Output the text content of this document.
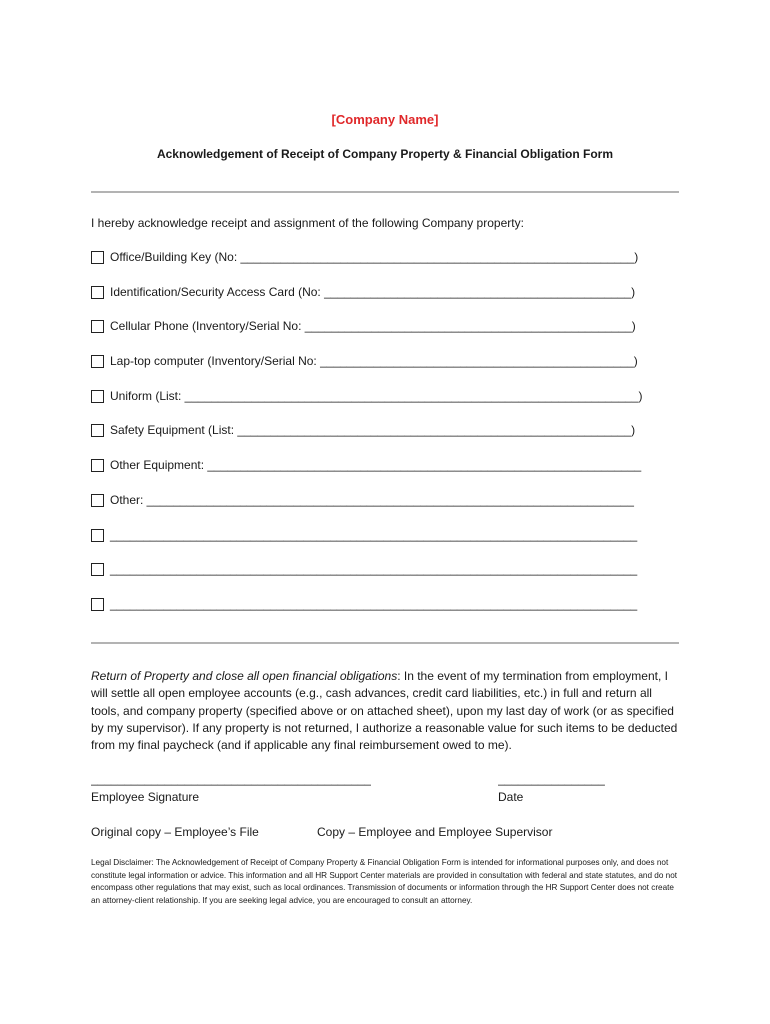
[Company Name]
Acknowledgement of Receipt of Company Property & Financial Obligation Form
I hereby acknowledge receipt and assignment of the following Company property:
Office/Building Key (No: ___________________________________________________________)
Identification/Security Access Card (No: ______________________________________________)
Cellular Phone (Inventory/Serial No: _________________________________________________)
Lap-top computer (Inventory/Serial No: _______________________________________________)
Uniform (List: ____________________________________________________________________)
Safety Equipment (List: ___________________________________________________________)
Other Equipment: _________________________________________________________________
Other: _________________________________________________________________________
_______________________________________________________________________________
_______________________________________________________________________________
_______________________________________________________________________________
Return of Property and close all open financial obligations: In the event of my termination from employment, I will settle all open employee accounts (e.g., cash advances, credit card liabilities, etc.) in full and return all tools, and company property (specified above or on attached sheet), upon my last day of work (or as specified by my supervisor). If any property is not returned, I authorize a reasonable value for such items to be deducted from my final paycheck (and if applicable any final reimbursement owed to me).
__________________________________________	________________
Employee Signature	Date
Original copy – Employee’s File	Copy – Employee and Employee Supervisor
Legal Disclaimer: The Acknowledgement of Receipt of Company Property & Financial Obligation Form is intended for informational purposes only, and does not constitute legal information or advice. This information and all HR Support Center materials are provided in consultation with federal and state statutes, and do not encompass other regulations that may exist, such as local ordinances. Transmission of documents or information through the HR Support Center does not create an attorney-client relationship. If you are seeking legal advice, you are encouraged to consult an attorney.
